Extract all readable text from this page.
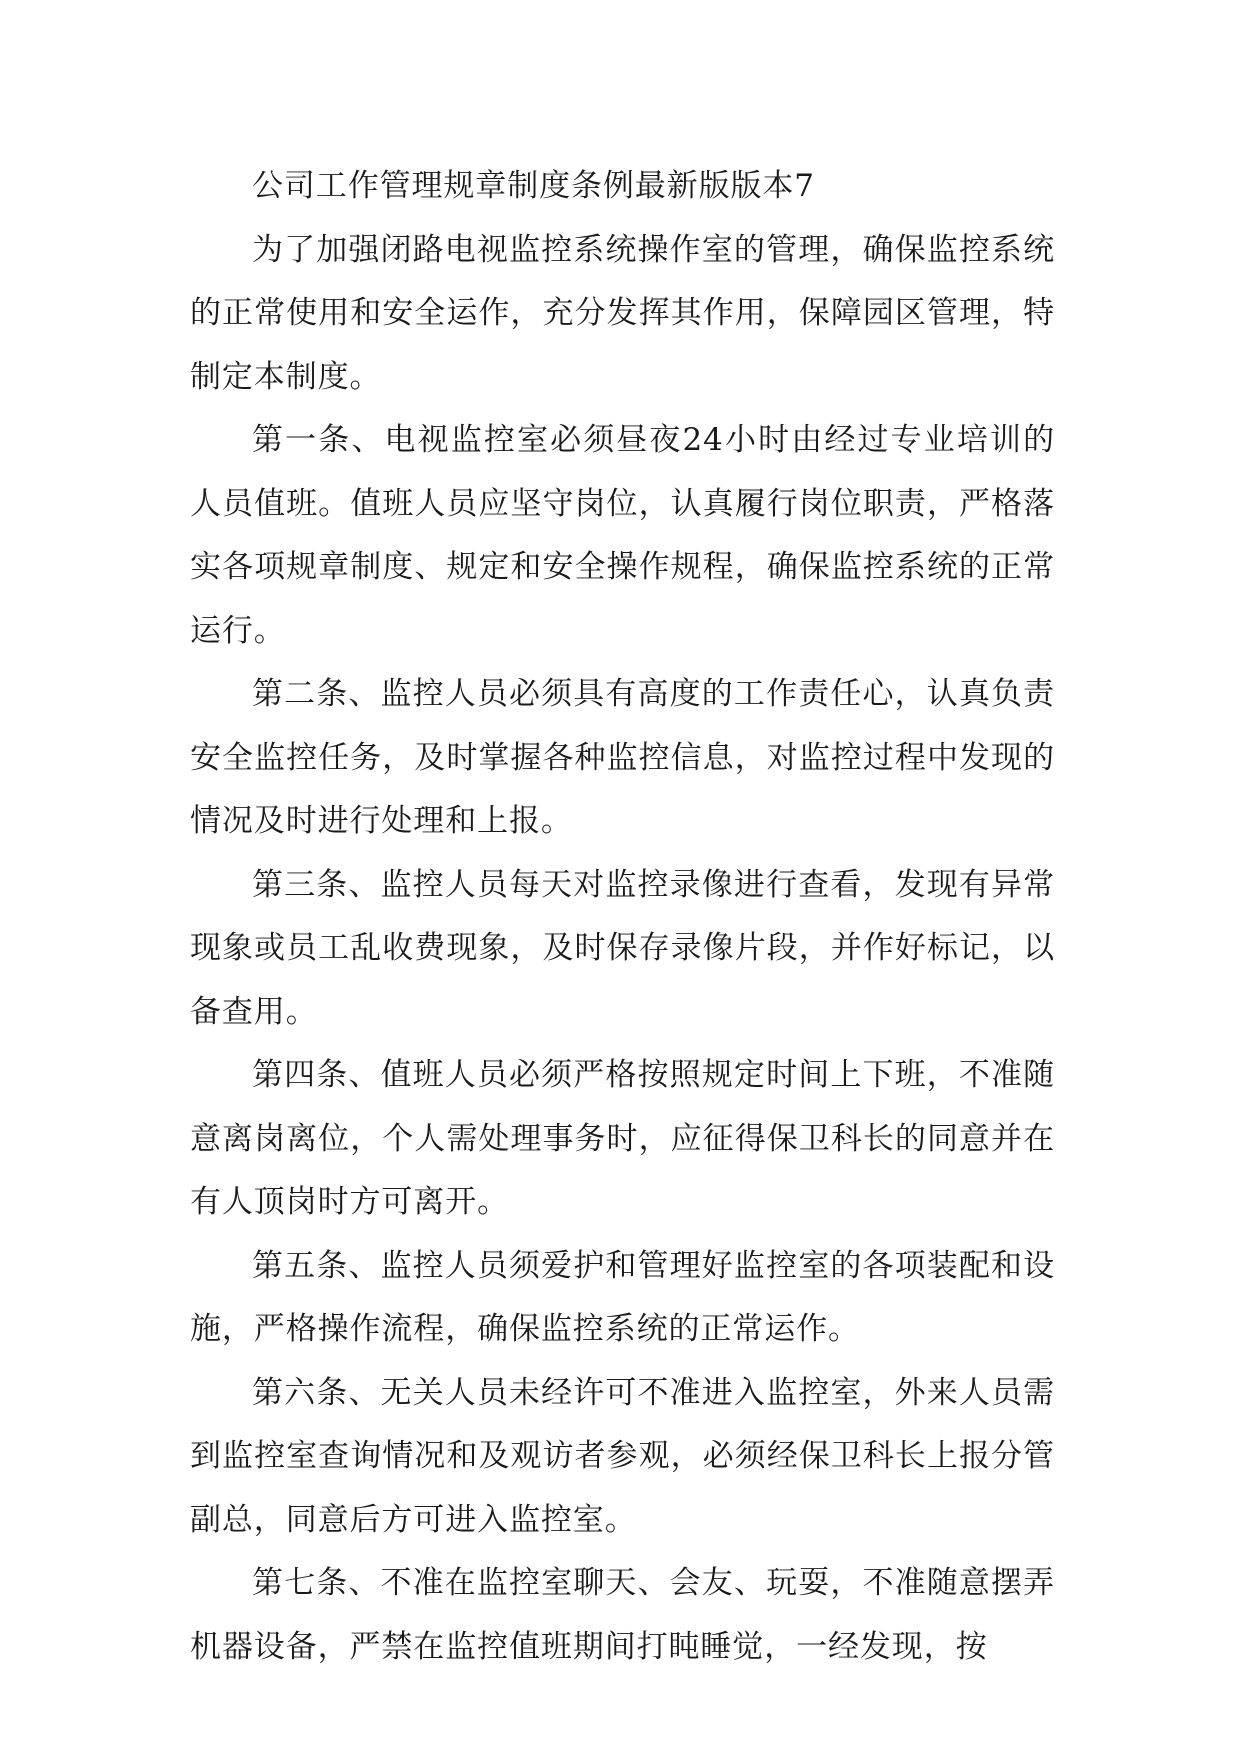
公司工作管理规章制度条例最新版版本7

为了加强闭路电视监控系统操作室的管理，确保监控系统的正常使用和安全运作，充分发挥其作用，保障园区管理，特制定本制度。

第一条、电视监控室必须昼夜24小时由经过专业培训的人员值班。值班人员应坚守岗位，认真履行岗位职责，严格落实各项规章制度、规定和安全操作规程，确保监控系统的正常运行。

第二条、监控人员必须具有高度的工作责任心，认真负责安全监控任务，及时掌握各种监控信息，对监控过程中发现的情况及时进行处理和上报。

第三条、监控人员每天对监控录像进行查看，发现有异常现象或员工乱收费现象，及时保存录像片段，并作好标记，以备查用。

第四条、值班人员必须严格按照规定时间上下班，不准随意离岗离位，个人需处理事务时，应征得保卫科长的同意并在有人顶岗时方可离开。

第五条、监控人员须爱护和管理好监控室的各项装配和设施，严格操作流程，确保监控系统的正常运作。

第六条、无关人员未经许可不准进入监控室，外来人员需到监控室查询情况和及观访者参观，必须经保卫科长上报分管副总，同意后方可进入监控室。

第七条、不准在监控室聊天、会友、玩耍，不准随意摆弄机器设备，严禁在监控值班期间打盹睡觉，一经发现，按
